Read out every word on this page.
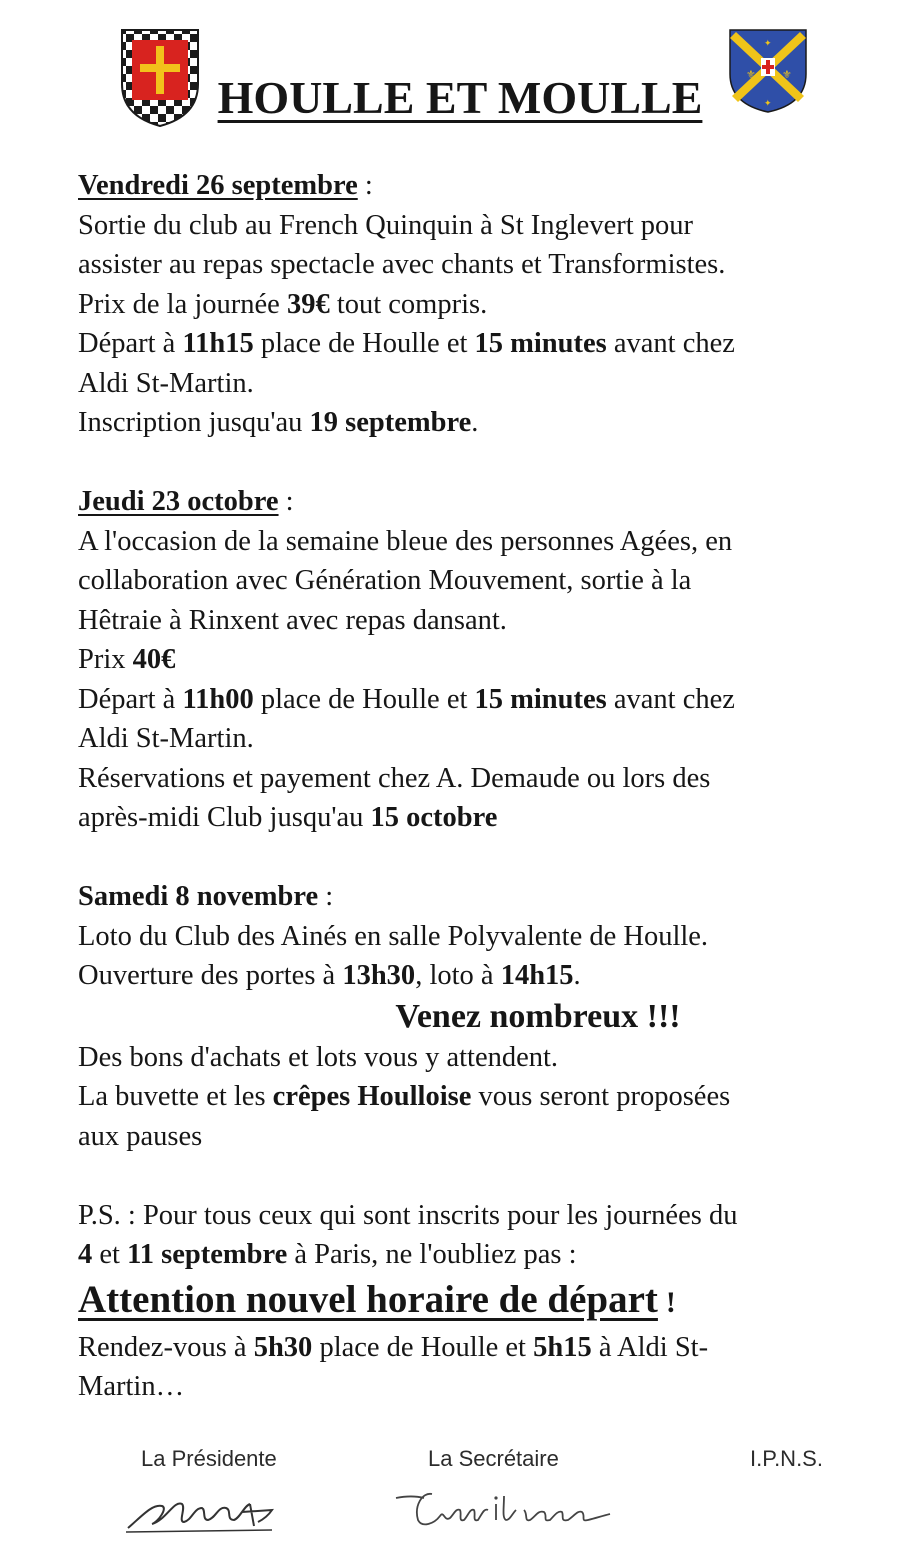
⚜ ⚜
✦
✦
HOULLE ET MOULLE

Vendredi 26 septembre :

Sortie du club au French Quinquin à St Inglevert pour

assister au repas spectacle avec chants et Transformistes.

Prix de la journée 39€ tout compris.

Départ à 11h15 place de Houlle et 15 minutes avant chez

Aldi St-Martin.

Inscription jusqu'au 19 septembre.

Jeudi 23 octobre :

A l'occasion de la semaine bleue des personnes Agées, en

collaboration avec Génération Mouvement, sortie à la

Hêtraie à Rinxent avec repas dansant.

Prix 40€

Départ à 11h00 place de Houlle et 15 minutes avant chez

Aldi St-Martin.

Réservations et payement chez A. Demaude ou lors des

après-midi Club jusqu'au 15 octobre

Samedi 8 novembre :

Loto du Club des Ainés en salle Polyvalente de Houlle.

Ouverture des portes à 13h30, loto à 14h15.

Venez nombreux !!!

Des bons d'achats et lots vous y attendent.

La buvette et les crêpes Houlloise vous seront proposées

aux pauses

P.S. : Pour tous ceux qui sont inscrits pour les journées du

4 et 11 septembre à Paris, ne l'oubliez pas :

Attention nouvel horaire de départ !

Rendez-vous à 5h30 place de Houlle et 5h15 à Aldi St-

Martin…

La Présidente	La Secrétaire	I.P.N.S.
